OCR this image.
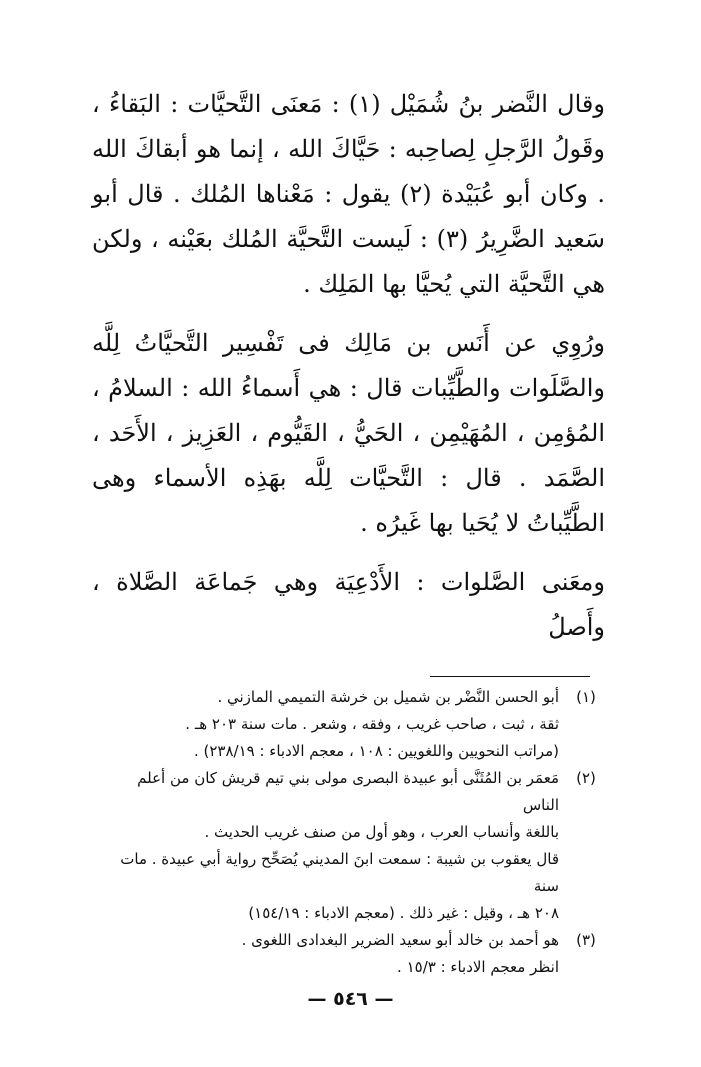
وقال النَّضر بنُ شُمَيْل (١) : مَعنَى التَّحيَّات : البَقاءُ ، وقَولُ الرَّجلِ لِصاحِبه : حَيَّاكَ الله ، إنما هو أبقاكَ الله . وكان أبو عُبَيْدة (٢) يقول : مَعْناها المُلك . قال أبو سَعيد الضَّرِيرُ (٣) : لَيست التَّحيَّة المُلك بعَيْنه ، ولكن هي التَّحيَّة التي يُحيَّا بها المَلِك .

ورُوِي عن أَنَس بن مَالِك فى تَفْسِير التَّحيَّاتُ لِلَّه والصَّلَوات والطَّيِّبات قال : هي أَسماءُ الله : السلامُ ، المُؤمِن ، المُهَيْمِن ، الحَيُّ ، القَيُّوم ، العَزِيز ، الأَحَد ، الصَّمَد . قال : التَّحيَّات لِلَّه بهَذِه الأسماء وهى الطَّيِّباتُ لا يُحَيا بها غَيرُه .

ومعَنى الصَّلوات : الأَدْعِيَة وهي جَماعَة الصَّلاة ، وأَصلُ

(١)
أبو الحسن النَّضْر بن شميل بن خرشة التميمي المازني .
ثقة ، ثبت ، صاحب غريب ، وفقه ، وشعر . مات سنة ٢٠٣ هـ .
(مراتب النحويين واللغويين : ١٠٨ ، معجم الادباء : ٢٣٨/١٩) .
(٢)
مَعمَر بن المُثَنَّى أبو عبيدة البصرى مولى بني تيم قريش كان من أعلم الناس
باللغة وأنساب العرب ، وهو أول من صنف غريب الحديث .
قال يعقوب بن شيبة : سمعت ابنَ المديني يُصَحِّح رواية أبي عبيدة . مات سنة
٢٠٨ هـ ، وقيل : غير ذلك . (معجم الادباء : ١٥٤/١٩)
(٣)
هو أحمد بن خالد أبو سعيد الضرير البغدادى اللغوى .
انظر معجم الادباء : ١٥/٣ .
— ٥٤٦ —
